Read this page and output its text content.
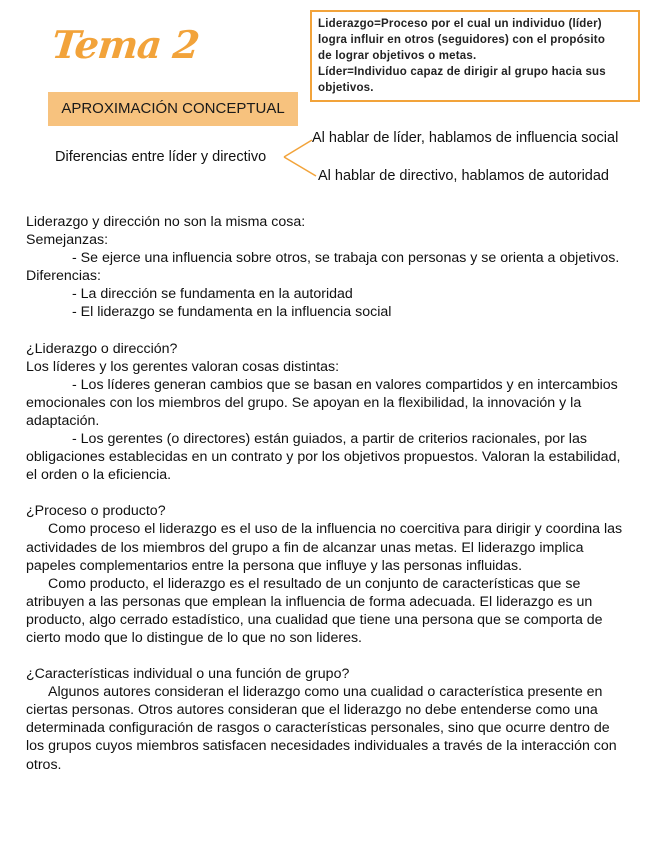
Tema 2	Liderazgo=Proceso por el cual un individuo (líder)
logra influir en otros (seguidores) con el propósito
de lograr objetivos o metas.
Líder=Individuo capaz de dirigir al grupo hacia sus
objetivos.
APROXIMACIÓN CONCEPTUAL
Diferencias entre líder y directivo
Al hablar de líder, hablamos de influencia social
Al hablar de directivo, hablamos de autoridad

Liderazgo y dirección no son la misma cosa:

Semejanzas:

- Se ejerce una influencia sobre otros, se trabaja con personas y se orienta a objetivos.

Diferencias:

- La dirección se fundamenta en la autoridad

- El liderazgo se fundamenta en la influencia social

¿Liderazgo o dirección?

Los líderes y los gerentes valoran cosas distintas:

- Los líderes generan cambios que se basan en valores compartidos y en intercambios emocionales con los miembros del grupo. Se apoyan en la flexibilidad, la innovación y la adaptación.

- Los gerentes (o directores) están guiados, a partir de criterios racionales, por las obligaciones establecidas en un contrato y por los objetivos propuestos. Valoran la estabilidad, el orden o la eficiencia.

¿Proceso o producto?

Como proceso el liderazgo es el uso de la influencia no coercitiva para dirigir y coordina las actividades de los miembros del grupo a fin de alcanzar unas metas. El liderazgo implica papeles complementarios entre la persona que influye y las personas influidas.

Como producto, el liderazgo es el resultado de un conjunto de características que se atribuyen a las personas que emplean la influencia de forma adecuada. El liderazgo es un producto, algo cerrado estadístico, una cualidad que tiene una persona que se comporta de cierto modo que lo distingue de lo que no son lideres.

¿Características individual o una función de grupo?

Algunos autores consideran el liderazgo como una cualidad o característica presente en ciertas personas. Otros autores consideran que el liderazgo no debe entenderse como una determinada configuración de rasgos o características personales, sino que ocurre dentro de los grupos cuyos miembros satisfacen necesidades individuales a través de la interacción con otros.
